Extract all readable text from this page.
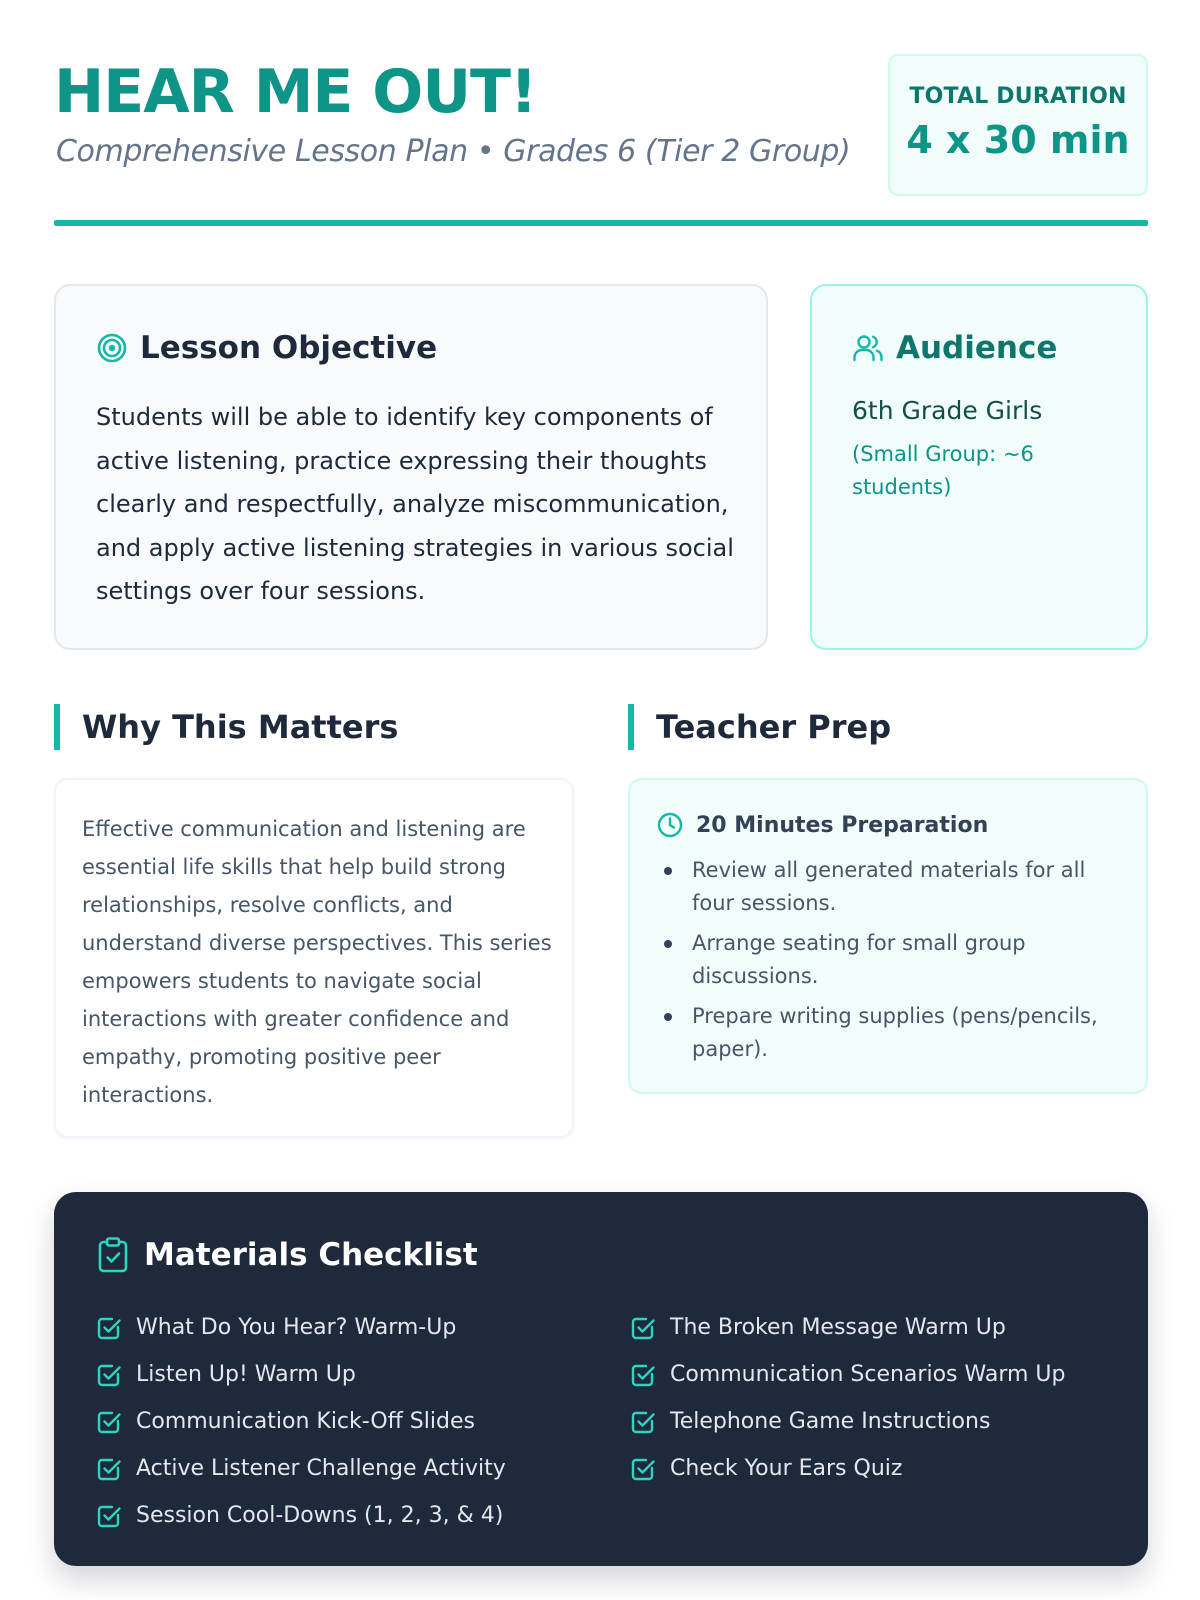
HEAR ME OUT!
Comprehensive Lesson Plan • Grades 6 (Tier 2 Group)
TOTAL DURATION
4 x 30 min
Lesson Objective

Students will be able to identify key components of active listening, practice expressing their thoughts clearly and respectfully, analyze miscommunication, and apply active listening strategies in various social settings over four sessions.

Audience
6th Grade Girls
(Small Group: ~6 students)
Why This Matters

Effective communication and listening are essential life skills that help build strong relationships, resolve conflicts, and understand diverse perspectives. This series empowers students to navigate social interactions with greater confidence and empathy, promoting positive peer interactions.

Teacher Prep
20 Minutes Preparation
Review all generated materials for all four sessions.
Arrange seating for small group discussions.
Prepare writing supplies (pens/pencils, paper).
Materials Checklist
What Do You Hear? Warm-Up
Listen Up! Warm Up
Communication Kick-Off Slides
Active Listener Challenge Activity
Session Cool-Downs (1, 2, 3, & 4)
The Broken Message Warm Up
Communication Scenarios Warm Up
Telephone Game Instructions
Check Your Ears Quiz
